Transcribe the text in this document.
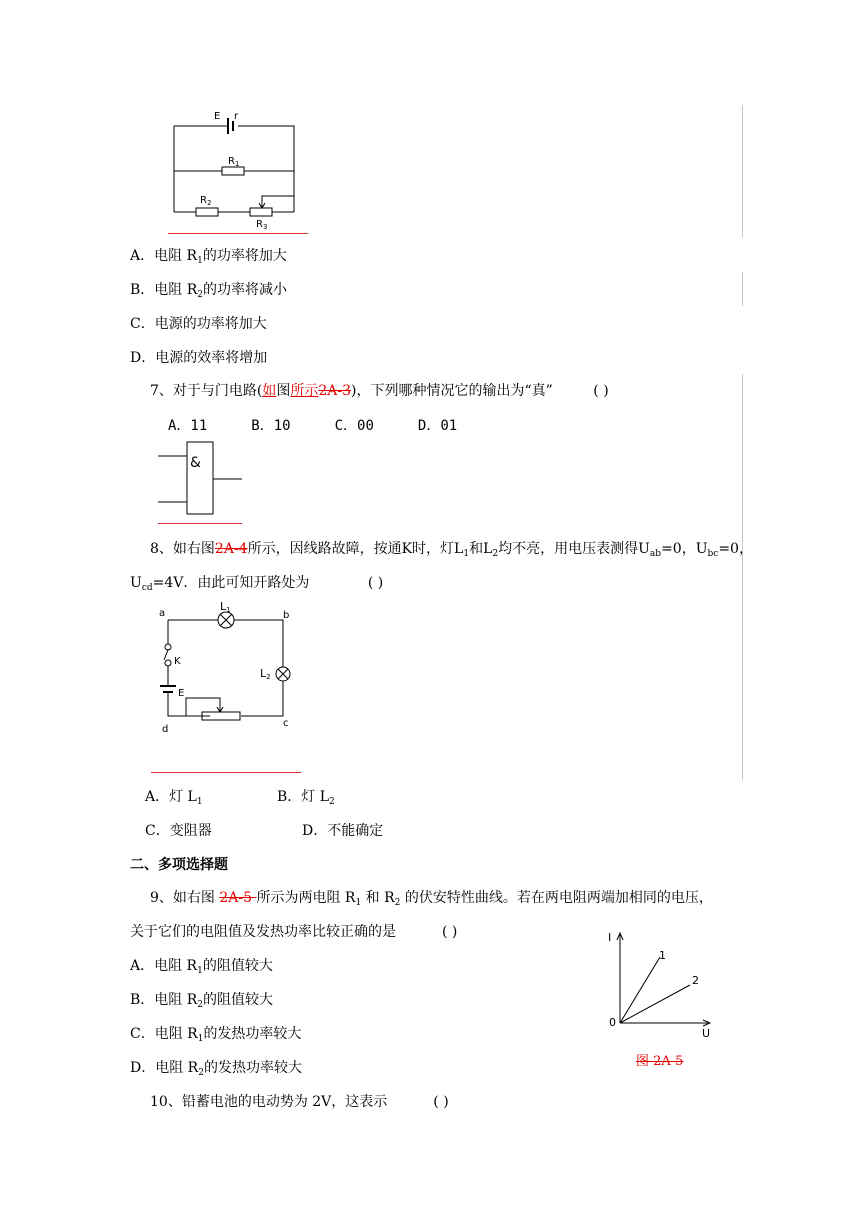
E r
$R_1$
$R_2$
$R_3$
A．电阻 $R_1$的功率将加大
B．电阻 $R_2$的功率将减小
C．电源的功率将加大
D．电源的效率将增加
7、对于与门电路(如图所示2A-3)，下列哪种情况它的输出为“真”	( )
A．11	B．10	C．00	D．01
&
8、如右图2A-4所示，因线路故障，按通K时，灯$L_1$和$L_2$均不亮，用电压表测得$U_{ab}=0$，$U_{bc}=0$，
$U_{cd}=4V$．由此可知开路处为	( )
a	b
c
d
K
E
L1
L2
A．灯 $L_1$	B．灯 $L_2$
C．变阻器	D．不能确定
二、多项选择题
9、如右图 2A-5 所示为两电阻 $R_1$ 和 $R_2$ 的伏安特性曲线。若在两电阻两端加相同的电压，
关于它们的电阻值及发热功率比较正确的是	( )
A．电阻 $R_1$的阻值较大
B．电阻 $R_2$的阻值较大
C．电阻 $R_1$的发热功率较大
D．电阻 $R_2$的发热功率较大
I
U
0
1
2
图 2A-5
10、铅蓄电池的电动势为 2V，这表示	( )
